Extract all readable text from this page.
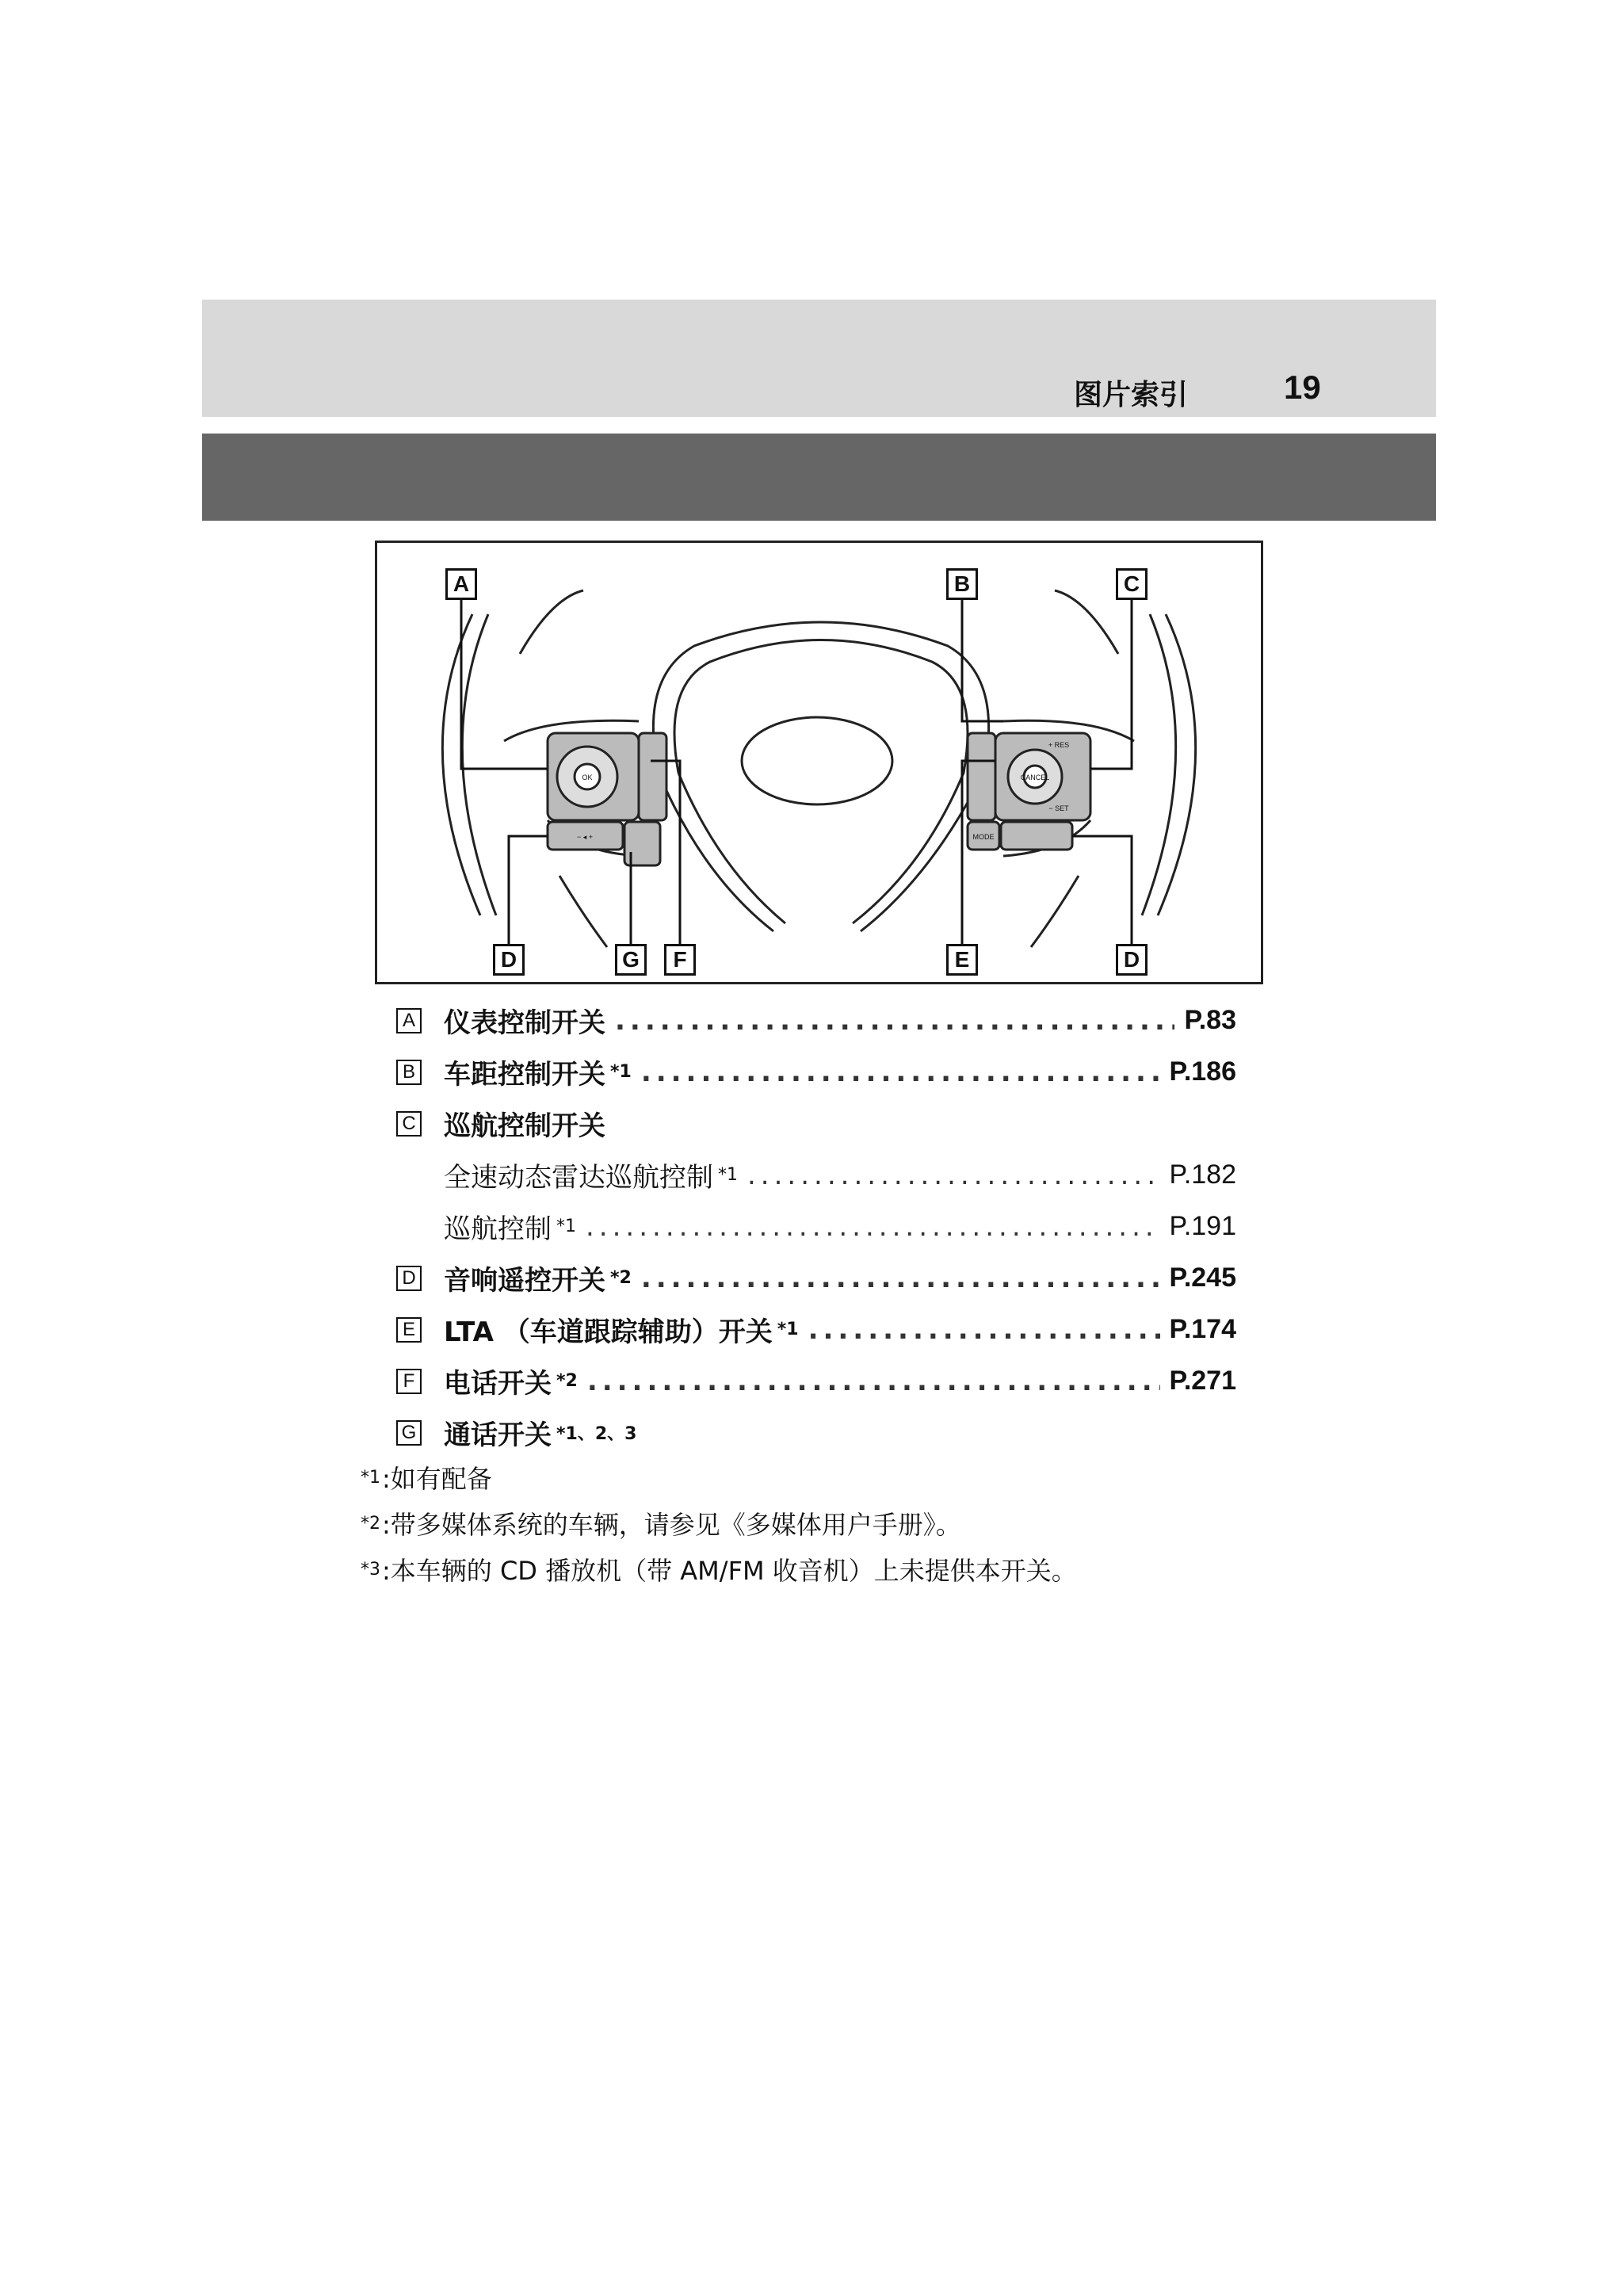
图片索引	19
OK	CANCEL
+ RES
− SET
MODE
− ◂ +
A	B	C
D	G	F	E	D
A 仪表控制开关 .....	P.83
B 车距控制开关 *1 .....	P.186
C 巡航控制开关
全速动态雷达巡航控制 *1 .....	P.182
巡航控制 *1 .....	P.191
D 音响遥控开关 *2 .....	P.245
E LTA （车道跟踪辅助）开关 *1 .....	P.174
F 电话开关 *2 .....	P.271
G 通话开关 *1、2、3
*1 :如有配备
*2 :带多媒体系统的车辆，请参见《多媒体用户手册》。
*3 :本车辆的 CD 播放机（带 AM/FM 收音机）上未提供本开关。
